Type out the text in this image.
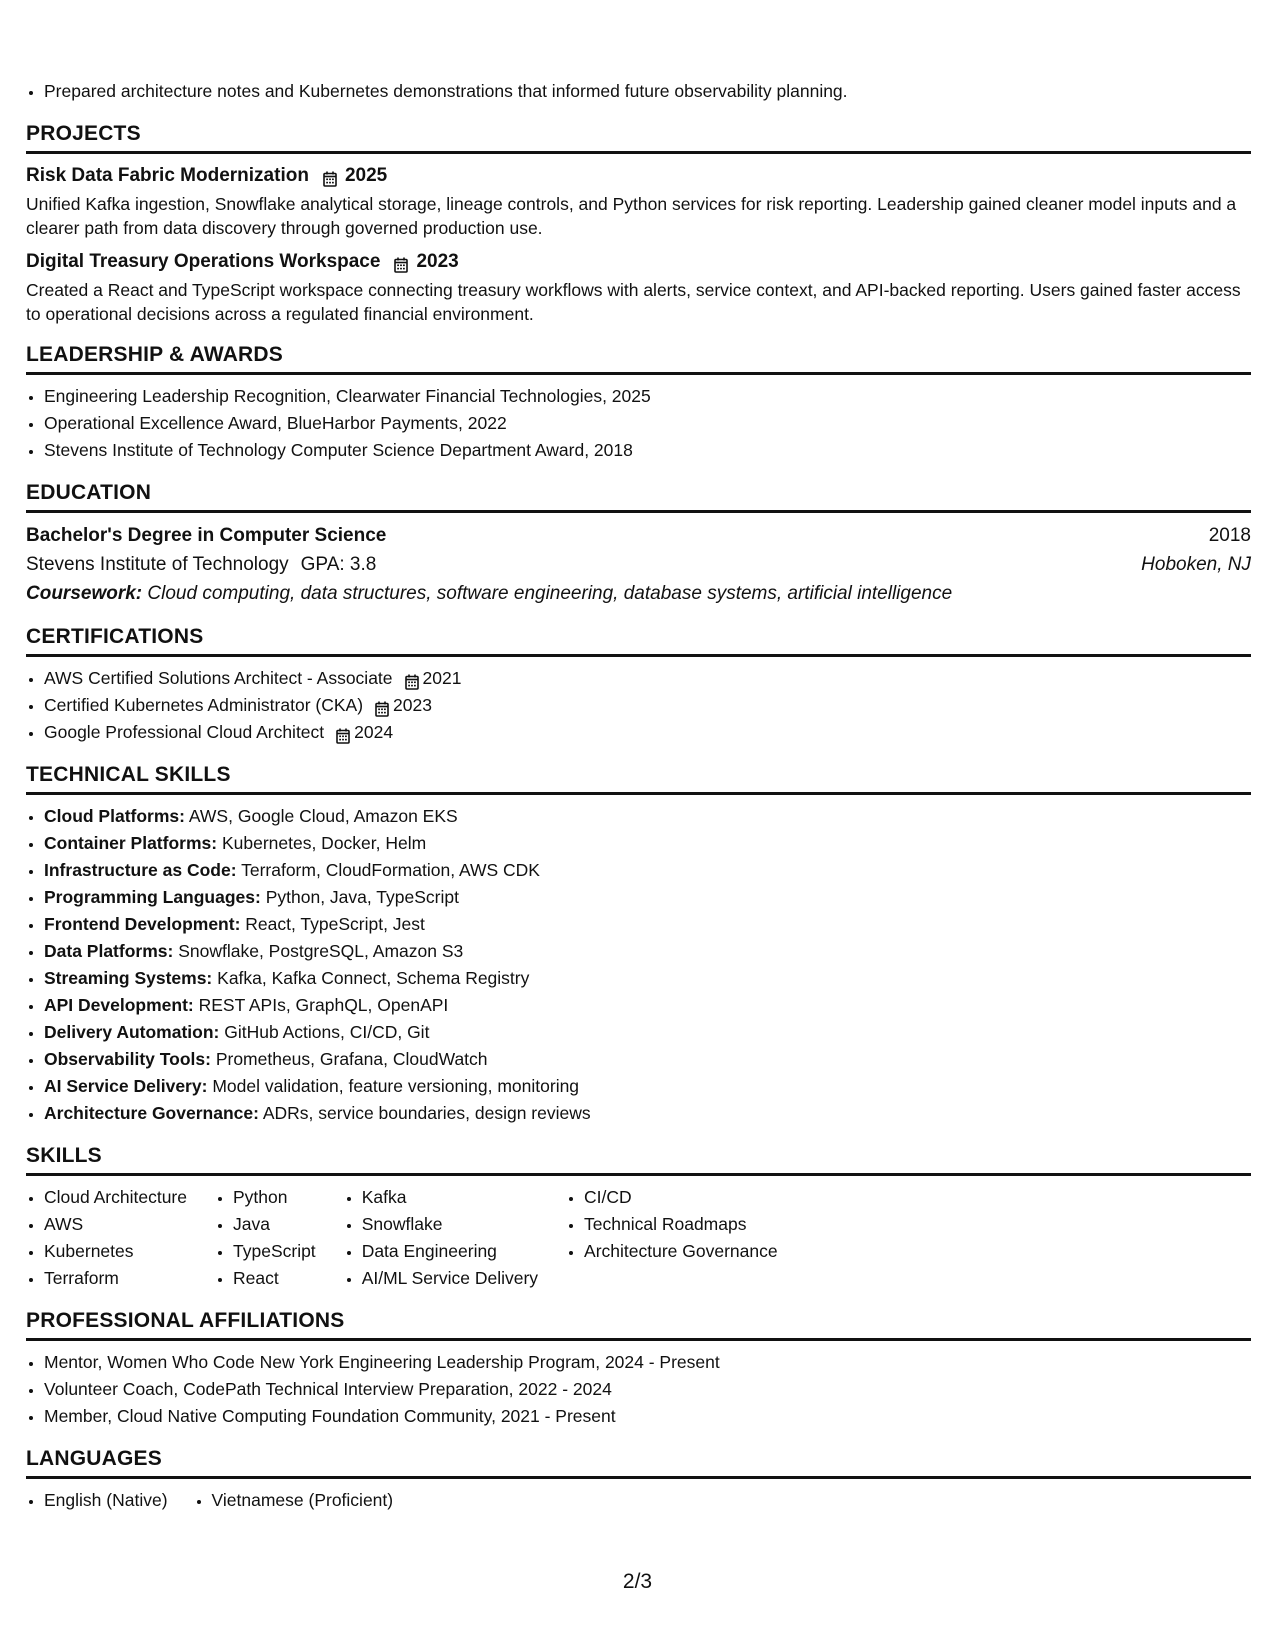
• Prepared architecture notes and Kubernetes demonstrations that informed future observability planning.
PROJECTS
Risk Data Fabric Modernization 2025
Unified Kafka ingestion, Snowflake analytical storage, lineage controls, and Python services for risk reporting. Leadership gained cleaner model inputs and a clearer path from data discovery through governed production use.
Digital Treasury Operations Workspace 2023
Created a React and TypeScript workspace connecting treasury workflows with alerts, service context, and API-backed reporting. Users gained faster access to operational decisions across a regulated financial environment.
LEADERSHIP & AWARDS
• Engineering Leadership Recognition, Clearwater Financial Technologies, 2025
• Operational Excellence Award, BlueHarbor Payments, 2022
• Stevens Institute of Technology Computer Science Department Award, 2018
EDUCATION
Bachelor's Degree in Computer Science	2018
Stevens Institute of Technology GPA: 3.8	Hoboken, NJ
Coursework: Cloud computing, data structures, software engineering, database systems, artificial intelligence
CERTIFICATIONS
• AWS Certified Solutions Architect - Associate 2021
• Certified Kubernetes Administrator (CKA) 2023
• Google Professional Cloud Architect 2024
TECHNICAL SKILLS
• Cloud Platforms: AWS, Google Cloud, Amazon EKS
• Container Platforms: Kubernetes, Docker, Helm
• Infrastructure as Code: Terraform, CloudFormation, AWS CDK
• Programming Languages: Python, Java, TypeScript
• Frontend Development: React, TypeScript, Jest
• Data Platforms: Snowflake, PostgreSQL, Amazon S3
• Streaming Systems: Kafka, Kafka Connect, Schema Registry
• API Development: REST APIs, GraphQL, OpenAPI
• Delivery Automation: GitHub Actions, CI/CD, Git
• Observability Tools: Prometheus, Grafana, CloudWatch
• AI Service Delivery: Model validation, feature versioning, monitoring
• Architecture Governance: ADRs, service boundaries, design reviews
SKILLS
• Cloud Architecture
• AWS
• Kubernetes
• Terraform
• Python
• Java
• TypeScript
• React
• Kafka
• Snowflake
• Data Engineering
• AI/ML Service Delivery
• CI/CD
• Technical Roadmaps
• Architecture Governance
PROFESSIONAL AFFILIATIONS
• Mentor, Women Who Code New York Engineering Leadership Program, 2024 - Present
• Volunteer Coach, CodePath Technical Interview Preparation, 2022 - 2024
• Member, Cloud Native Computing Foundation Community, 2021 - Present
LANGUAGES
• English (Native)
•	Vietnamese (Proficient)
2/3
